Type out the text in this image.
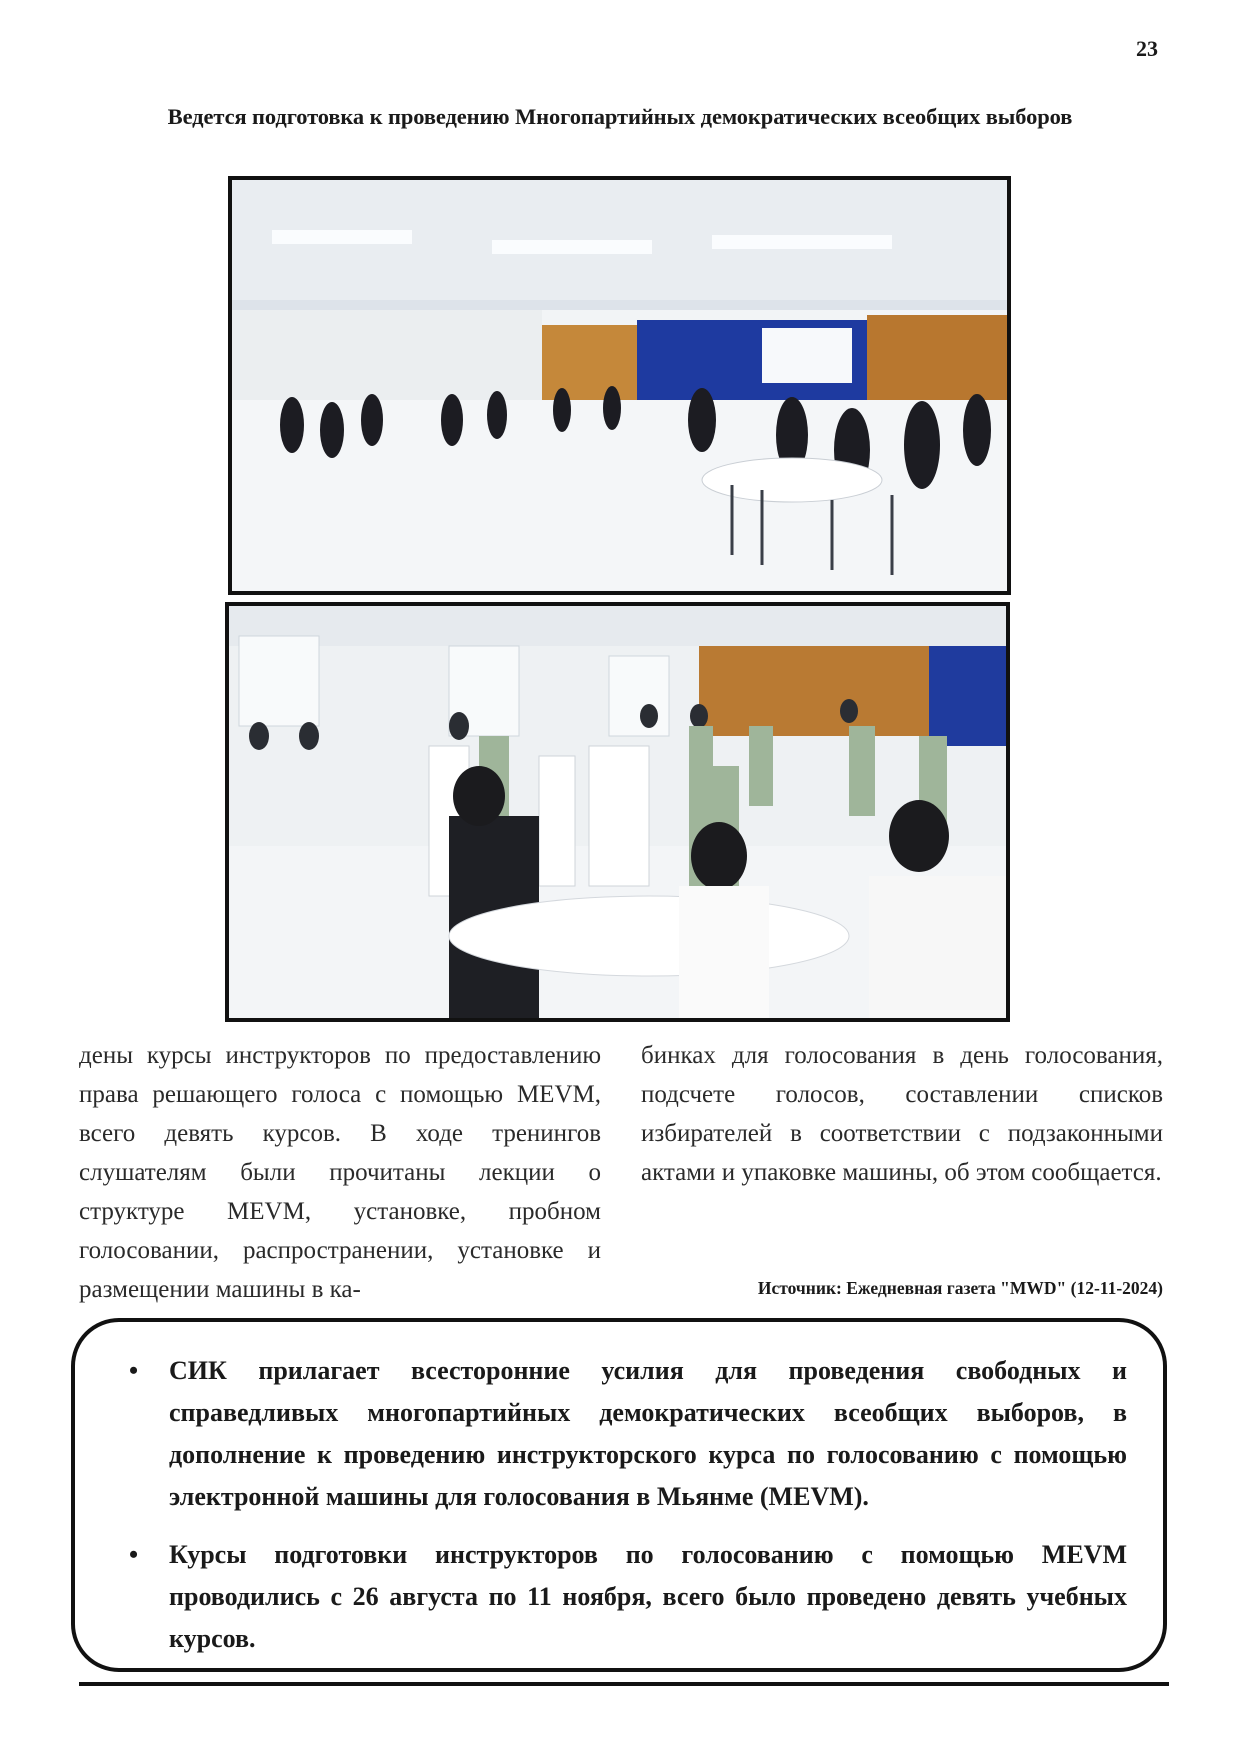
23
Ведется подготовка к проведению Многопартийных демократических всеобщих выборов
дены курсы инструкторов по предоставлению права решающего голоса с помощью MEVM, всего девять курсов. В ходе тренингов слушателям были прочитаны лекции о структуре MEVM, установке, пробном голосовании, распространении, установке и размещении машины в ка-
бинках для голосования в день голосования, подсчете голосов, составлении списков избирателей в соответствии с подзаконными актами и упаковке машины, об этом сообщается.
Источник: Ежедневная газета "MWD" (12-11-2024)
• СИК прилагает всесторонние усилия для проведения свободных и справедливых многопартийных демократических всеобщих выборов, в дополнение к проведению инструкторского курса по голосованию с помощью электронной машины для голосования в Мьянме (MEVM).
• Курсы подготовки инструкторов по голосованию с помощью MEVM проводились с 26 августа по 11 ноября, всего было проведено девять учебных курсов.
